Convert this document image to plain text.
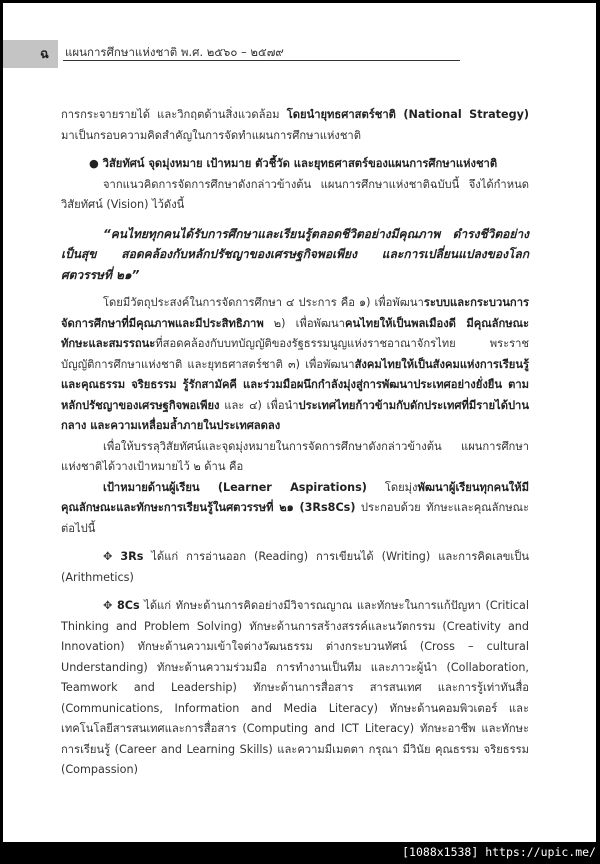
ฉ แผนการศึกษาแห่งชาติ พ.ศ. ๒๕๖๐ – ๒๕๗๙

การกระจายรายได้ และวิกฤตด้านสิ่งแวดล้อม โดยนำยุทธศาสตร์ชาติ (National Strategy) มาเป็นกรอบความคิดสำคัญในการจัดทำแผนการศึกษาแห่งชาติ

● วิสัยทัศน์ จุดมุ่งหมาย เป้าหมาย ตัวชี้วัด และยุทธศาสตร์ของแผนการศึกษาแห่งชาติ

จากแนวคิดการจัดการศึกษาดังกล่าวข้างต้น แผนการศึกษาแห่งชาติฉบับนี้ จึงได้กำหนดวิสัยทัศน์ (Vision) ไว้ดังนี้

“คนไทยทุกคนได้รับการศึกษาและเรียนรู้ตลอดชีวิตอย่างมีคุณภาพ ดำรงชีวิตอย่างเป็นสุข สอดคล้องกับหลักปรัชญาของเศรษฐกิจพอเพียง และการเปลี่ยนแปลงของโลกศตวรรษที่ ๒๑”

โดยมีวัตถุประสงค์ในการจัดการศึกษา ๔ ประการ คือ ๑) เพื่อพัฒนาระบบและกระบวนการจัดการศึกษาที่มีคุณภาพและมีประสิทธิภาพ ๒) เพื่อพัฒนาคนไทยให้เป็นพลเมืองดี มีคุณลักษณะ ทักษะและสมรรถนะที่สอดคล้องกับบทบัญญัติของรัฐธรรมนูญแห่งราชอาณาจักรไทย พระราชบัญญัติการศึกษาแห่งชาติ และยุทธศาสตร์ชาติ ๓) เพื่อพัฒนาสังคมไทยให้เป็นสังคมแห่งการเรียนรู้ และคุณธรรม จริยธรรม รู้รักสามัคคี และร่วมมือผนึกกำลังมุ่งสู่การพัฒนาประเทศอย่างยั่งยืน ตามหลักปรัชญาของเศรษฐกิจพอเพียง และ ๔) เพื่อนำประเทศไทยก้าวข้ามกับดักประเทศที่มีรายได้ปานกลาง และความเหลื่อมล้ำภายในประเทศลดลง

เพื่อให้บรรลุวิสัยทัศน์และจุดมุ่งหมายในการจัดการศึกษาดังกล่าวข้างต้น แผนการศึกษาแห่งชาติได้วางเป้าหมายไว้ ๒ ด้าน คือ

เป้าหมายด้านผู้เรียน (Learner Aspirations) โดยมุ่งพัฒนาผู้เรียนทุกคนให้มีคุณลักษณะและทักษะการเรียนรู้ในศตวรรษที่ ๒๑ (3Rs8Cs) ประกอบด้วย ทักษะและคุณลักษณะต่อไปนี้

✥ 3Rs ได้แก่ การอ่านออก (Reading) การเขียนได้ (Writing) และการคิดเลขเป็น (Arithmetics)

✥ 8Cs ได้แก่ ทักษะด้านการคิดอย่างมีวิจารณญาณ และทักษะในการแก้ปัญหา (Critical Thinking and Problem Solving) ทักษะด้านการสร้างสรรค์และนวัตกรรม (Creativity and Innovation) ทักษะด้านความเข้าใจต่างวัฒนธรรม ต่างกระบวนทัศน์ (Cross – cultural Understanding) ทักษะด้านความร่วมมือ การทำงานเป็นทีม และภาวะผู้นำ (Collaboration, Teamwork and Leadership) ทักษะด้านการสื่อสาร สารสนเทศ และการรู้เท่าทันสื่อ (Communications, Information and Media Literacy) ทักษะด้านคอมพิวเตอร์ และเทคโนโลยีสารสนเทศและการสื่อสาร (Computing and ICT Literacy) ทักษะอาชีพ และทักษะการเรียนรู้ (Career and Learning Skills) และความมีเมตตา กรุณา มีวินัย คุณธรรม จริยธรรม (Compassion)

[1088x1538] https://upic.me/
